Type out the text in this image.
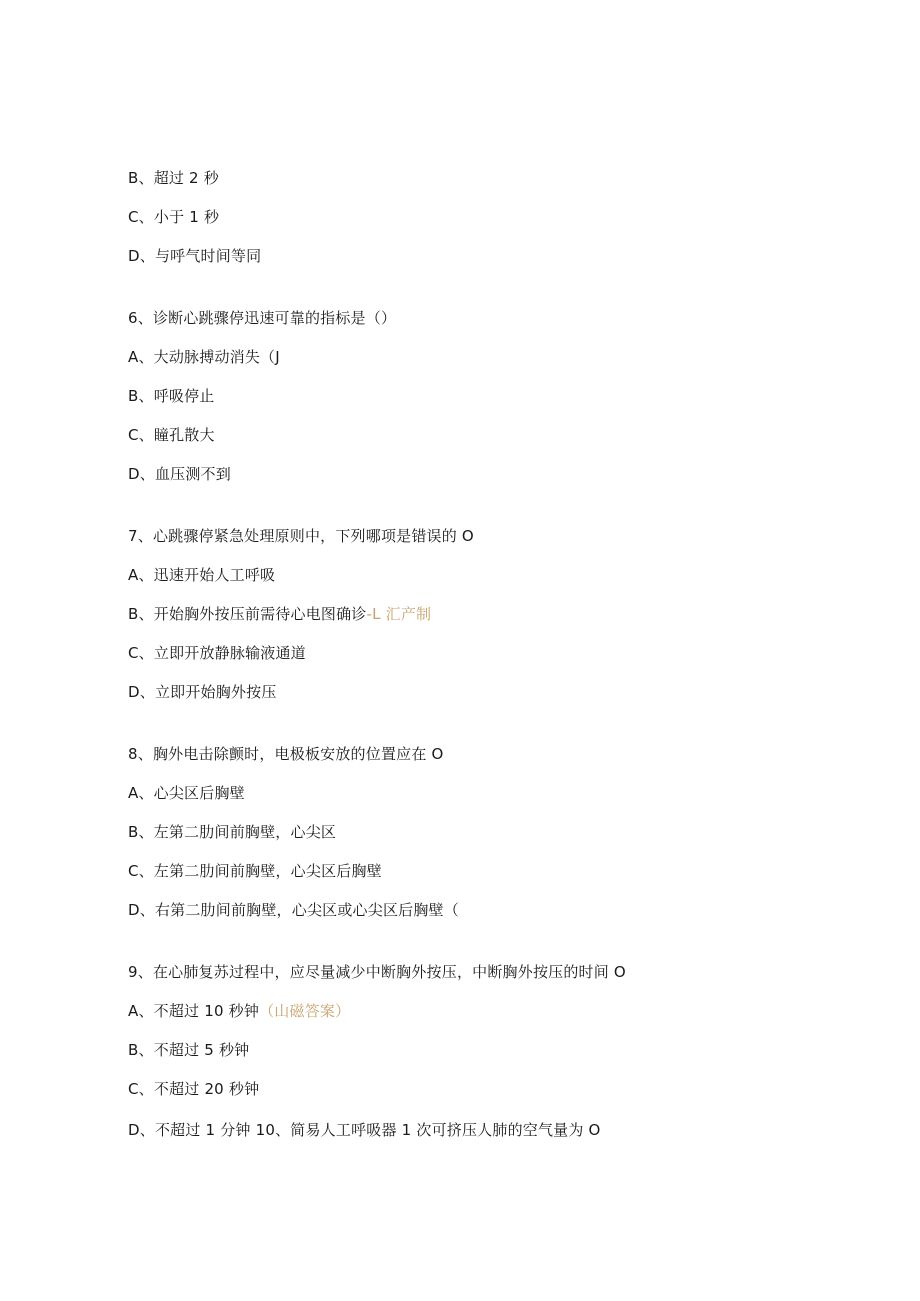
B、超过 2 秒
C、小于 1 秒
D、与呼气时间等同
6、诊断心跳骤停迅速可靠的指标是（）
A、大动脉搏动消失（J
B、呼吸停止
C、瞳孔散大
D、血压测不到
7、心跳骤停紧急处理原则中，下列哪项是错误的 O
A、迅速开始人工呼吸
B、开始胸外按压前需待心电图确诊-L 汇产制
C、立即开放静脉输液通道
D、立即开始胸外按压
8、胸外电击除颤时，电极板安放的位置应在 O
A、心尖区后胸壁
B、左第二肋间前胸壁，心尖区
C、左第二肋间前胸壁，心尖区后胸壁
D、右第二肋间前胸壁，心尖区或心尖区后胸壁（
9、在心肺复苏过程中，应尽量减少中断胸外按压，中断胸外按压的时间 O
A、不超过 10 秒钟（山磁答案）
B、不超过 5 秒钟
C、不超过 20 秒钟
D、不超过 1 分钟 10、简易人工呼吸器 1 次可挤压人肺的空气量为 O
